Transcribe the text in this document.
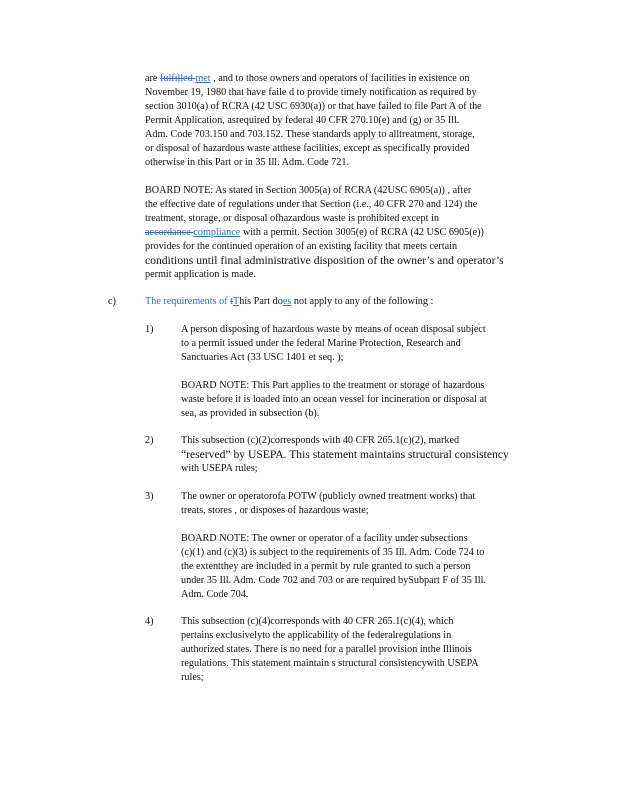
are fulfilled met , and to those owners and operators of facilities in existence on
November 19, 1980 that have faile d to provide timely notification as required by
section 3010(a) of RCRA (42 USC 6930(a)) or that have failed to file Part A of the
Permit Application, asrequired by federal 40 CFR 270.10(e) and (g) or 35 Ill.
Adm. Code 703.150 and 703.152. These standards apply to alltreatment, storage,
or disposal of hazardous waste atthese facilities, except as specifically provided
otherwise in this Part or in 35 Ill. Adm. Code 721.
BOARD NOTE: As stated in Section 3005(a) of RCRA (42USC 6905(a)) , after
the effective date of regulations under that Section (i.e., 40 CFR 270 and 124) the
treatment, storage, or disposal ofhazardous waste is prohibited except in
accordance compliance with a permit. Section 3005(e) of RCRA (42 USC 6905(e))
provides for the continued operation of an existing facility that meets certain
conditions until final administrative disposition of the owner’s and operator’s
permit application is made.
c)	The requirements of tThis Part does not apply to any of the following :
1)	A person disposing of hazardous waste by means of ocean disposal subject
to a permit issued under the federal Marine Protection, Research and
Sanctuaries Act (33 USC 1401 et seq. );
BOARD NOTE: This Part applies to the treatment or storage of hazardous
waste before it is loaded into an ocean vessel for incineration or disposal at
sea, as provided in subsection (b).
2)	This subsection (c)(2)corresponds with 40 CFR 265.1(c)(2), marked
“reserved” by USEPA. This statement maintains structural consistency
with USEPA rules;
3)	The owner or operatorofa POTW (publicly owned treatment works) that
treats, stores , or disposes of hazardous waste;
BOARD NOTE: The owner or operator of a facility under subsections
(c)(1) and (c)(3) is subject to the requirements of 35 Ill. Adm. Code 724 to
the extentthey are included in a permit by rule granted to such a person
under 35 Ill. Adm. Code 702 and 703 or are required bySubpart F of 35 Ill.
Adm. Code 704.
4)	This subsection (c)(4)corresponds with 40 CFR 265.1(c)(4), which
pertains exclusivelyto the applicability of the federalregulations in
authorized states. There is no need for a parallel provision inthe Illinois
regulations. This statement maintain s structural consistencywith USEPA
rules;
